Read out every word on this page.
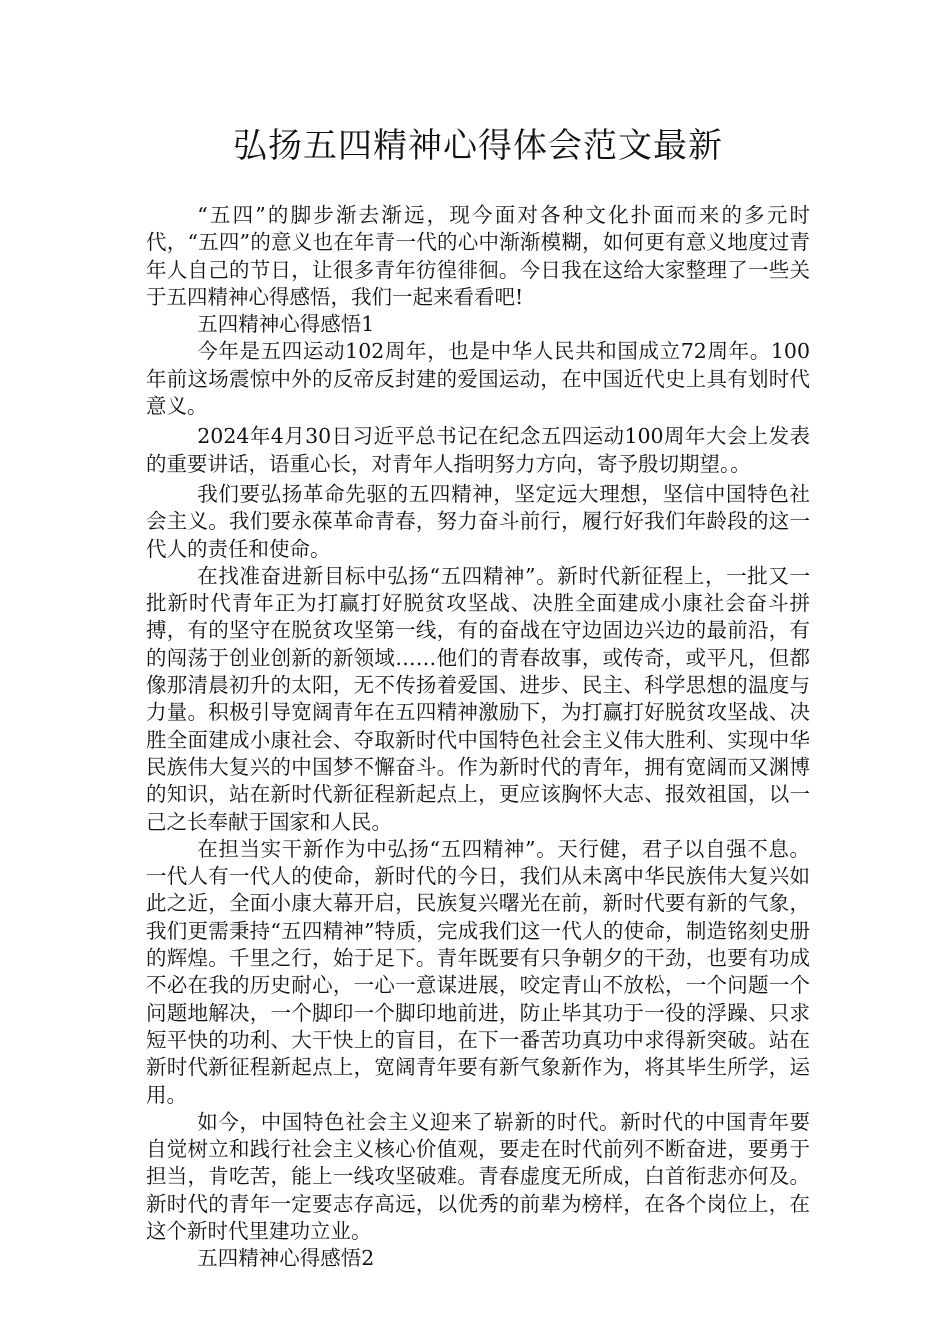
弘扬五四精神心得体会范文最新

“五四”的脚步渐去渐远，现今面对各种文化扑面而来的多元时代，“五四”的意义也在年青一代的心中渐渐模糊，如何更有意义地度过青年人自己的节日，让很多青年彷徨徘徊。今日我在这给大家整理了一些关于五四精神心得感悟，我们一起来看看吧!

五四精神心得感悟1

今年是五四运动102周年，也是中华人民共和国成立72周年。100年前这场震惊中外的反帝反封建的爱国运动，在中国近代史上具有划时代意义。

2024年4月30日习近平总书记在纪念五四运动100周年大会上发表的重要讲话，语重心长，对青年人指明努力方向，寄予殷切期望。。

我们要弘扬革命先驱的五四精神，坚定远大理想，坚信中国特色社会主义。我们要永葆革命青春，努力奋斗前行，履行好我们年龄段的这一代人的责任和使命。

在找准奋进新目标中弘扬“五四精神”。新时代新征程上，一批又一批新时代青年正为打赢打好脱贫攻坚战、决胜全面建成小康社会奋斗拼搏，有的坚守在脱贫攻坚第一线，有的奋战在守边固边兴边的最前沿，有的闯荡于创业创新的新领域……他们的青春故事，或传奇，或平凡，但都像那清晨初升的太阳，无不传扬着爱国、进步、民主、科学思想的温度与力量。积极引导宽阔青年在五四精神激励下，为打赢打好脱贫攻坚战、决胜全面建成小康社会、夺取新时代中国特色社会主义伟大胜利、实现中华民族伟大复兴的中国梦不懈奋斗。作为新时代的青年，拥有宽阔而又渊博的知识，站在新时代新征程新起点上，更应该胸怀大志、报效祖国，以一己之长奉献于国家和人民。

在担当实干新作为中弘扬“五四精神”。天行健，君子以自强不息。一代人有一代人的使命，新时代的今日，我们从未离中华民族伟大复兴如此之近，全面小康大幕开启，民族复兴曙光在前，新时代要有新的气象，我们更需秉持“五四精神”特质，完成我们这一代人的使命，制造铭刻史册的辉煌。千里之行，始于足下。青年既要有只争朝夕的干劲，也要有功成不必在我的历史耐心，一心一意谋进展，咬定青山不放松，一个问题一个问题地解决，一个脚印一个脚印地前进，防止毕其功于一役的浮躁、只求短平快的功利、大干快上的盲目，在下一番苦功真功中求得新突破。站在新时代新征程新起点上，宽阔青年要有新气象新作为，将其毕生所学，运用。

如今，中国特色社会主义迎来了崭新的时代。新时代的中国青年要自觉树立和践行社会主义核心价值观，要走在时代前列不断奋进，要勇于担当，肯吃苦，能上一线攻坚破难。青春虚度无所成，白首衔悲亦何及。新时代的青年一定要志存高远，以优秀的前辈为榜样，在各个岗位上，在这个新时代里建功立业。

五四精神心得感悟2
